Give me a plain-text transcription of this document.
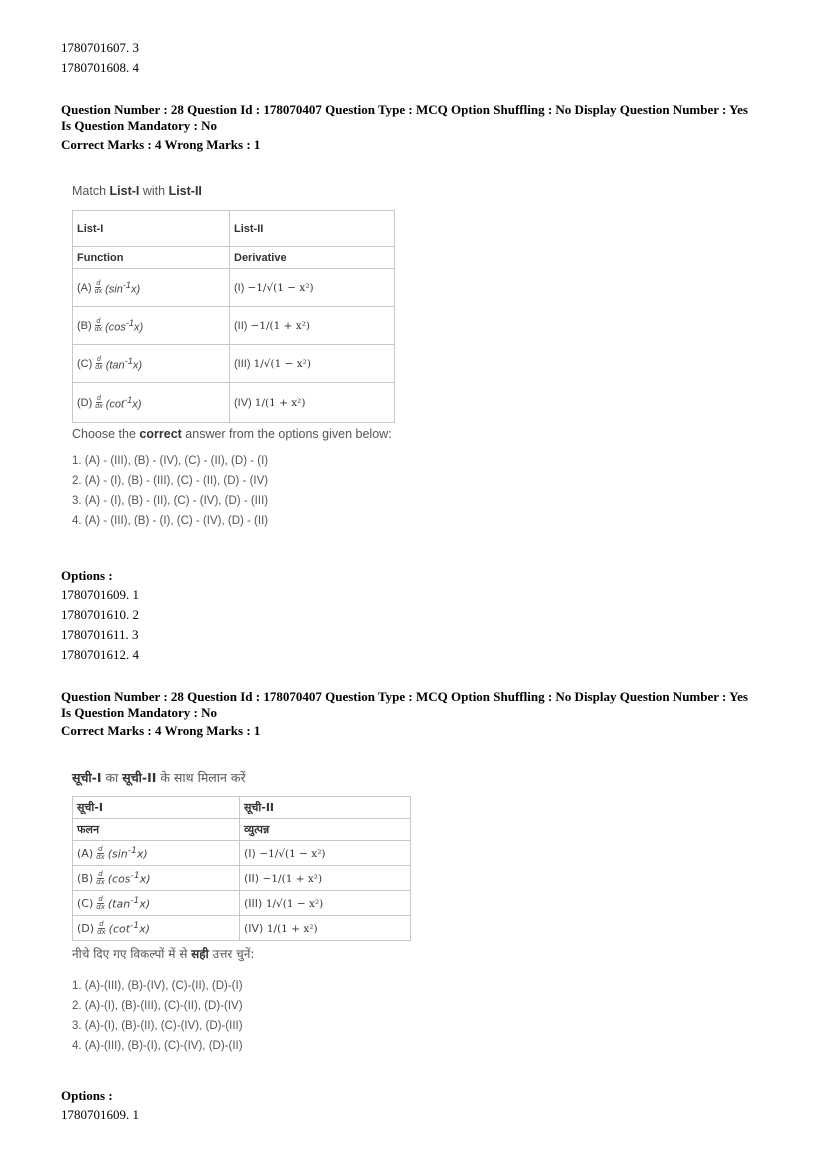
1780701607. 3
1780701608. 4
Question Number : 28 Question Id : 178070407 Question Type : MCQ Option Shuffling : No Display Question Number : Yes
Is Question Mandatory : No
Correct Marks : 4 Wrong Marks : 1
Match List-I with List-II
List-I	List-II
Function	Derivative

$(A) \frac{d}{dx} (\sin^{-1}x)$	(I) −1/√(1 − x²)

$(B) \frac{d}{dx} (\cos^{-1}x)$	(II) −1/(1 + x²)

$(C) \frac{d}{dx} (\tan^{-1}x)$	(III) 1/√(1 − x²)

$(D) \frac{d}{dx} (\cot^{-1}x)$	(IV) 1/(1 + x²)
Choose the correct answer from the options given below:
1. (A) - (III), (B) - (IV), (C) - (II), (D) - (I)
2. (A) - (I), (B) - (III), (C) - (II), (D) - (IV)
3. (A) - (I), (B) - (II), (C) - (IV), (D) - (III)
4. (A) - (III), (B) - (I), (C) - (IV), (D) - (II)
Options :
1780701609. 1
1780701610. 2
1780701611. 3
1780701612. 4
Question Number : 28 Question Id : 178070407 Question Type : MCQ Option Shuffling : No Display Question Number : Yes
Is Question Mandatory : No
Correct Marks : 4 Wrong Marks : 1
सूची-I का सूची-II के साथ मिलान करें
सूची-I	सूची-II
फलन	व्युत्पन्न

$(A) \frac{d}{dx} (\sin^{-1}x)$	(I) −1/√(1 − x²)

$(B) \frac{d}{dx} (\cos^{-1}x)$	(II) −1/(1 + x²)

$(C) \frac{d}{dx} (\tan^{-1}x)$	(III) 1/√(1 − x²)

$(D) \frac{d}{dx} (\cot^{-1}x)$	(IV) 1/(1 + x²)
नीचे दिए गए विकल्पों में से सही उत्तर चुनें:
1. (A)-(III), (B)-(IV), (C)-(II), (D)-(I)
2. (A)-(I), (B)-(III), (C)-(II), (D)-(IV)
3. (A)-(I), (B)-(II), (C)-(IV), (D)-(III)
4. (A)-(III), (B)-(I), (C)-(IV), (D)-(II)
Options :
1780701609. 1
